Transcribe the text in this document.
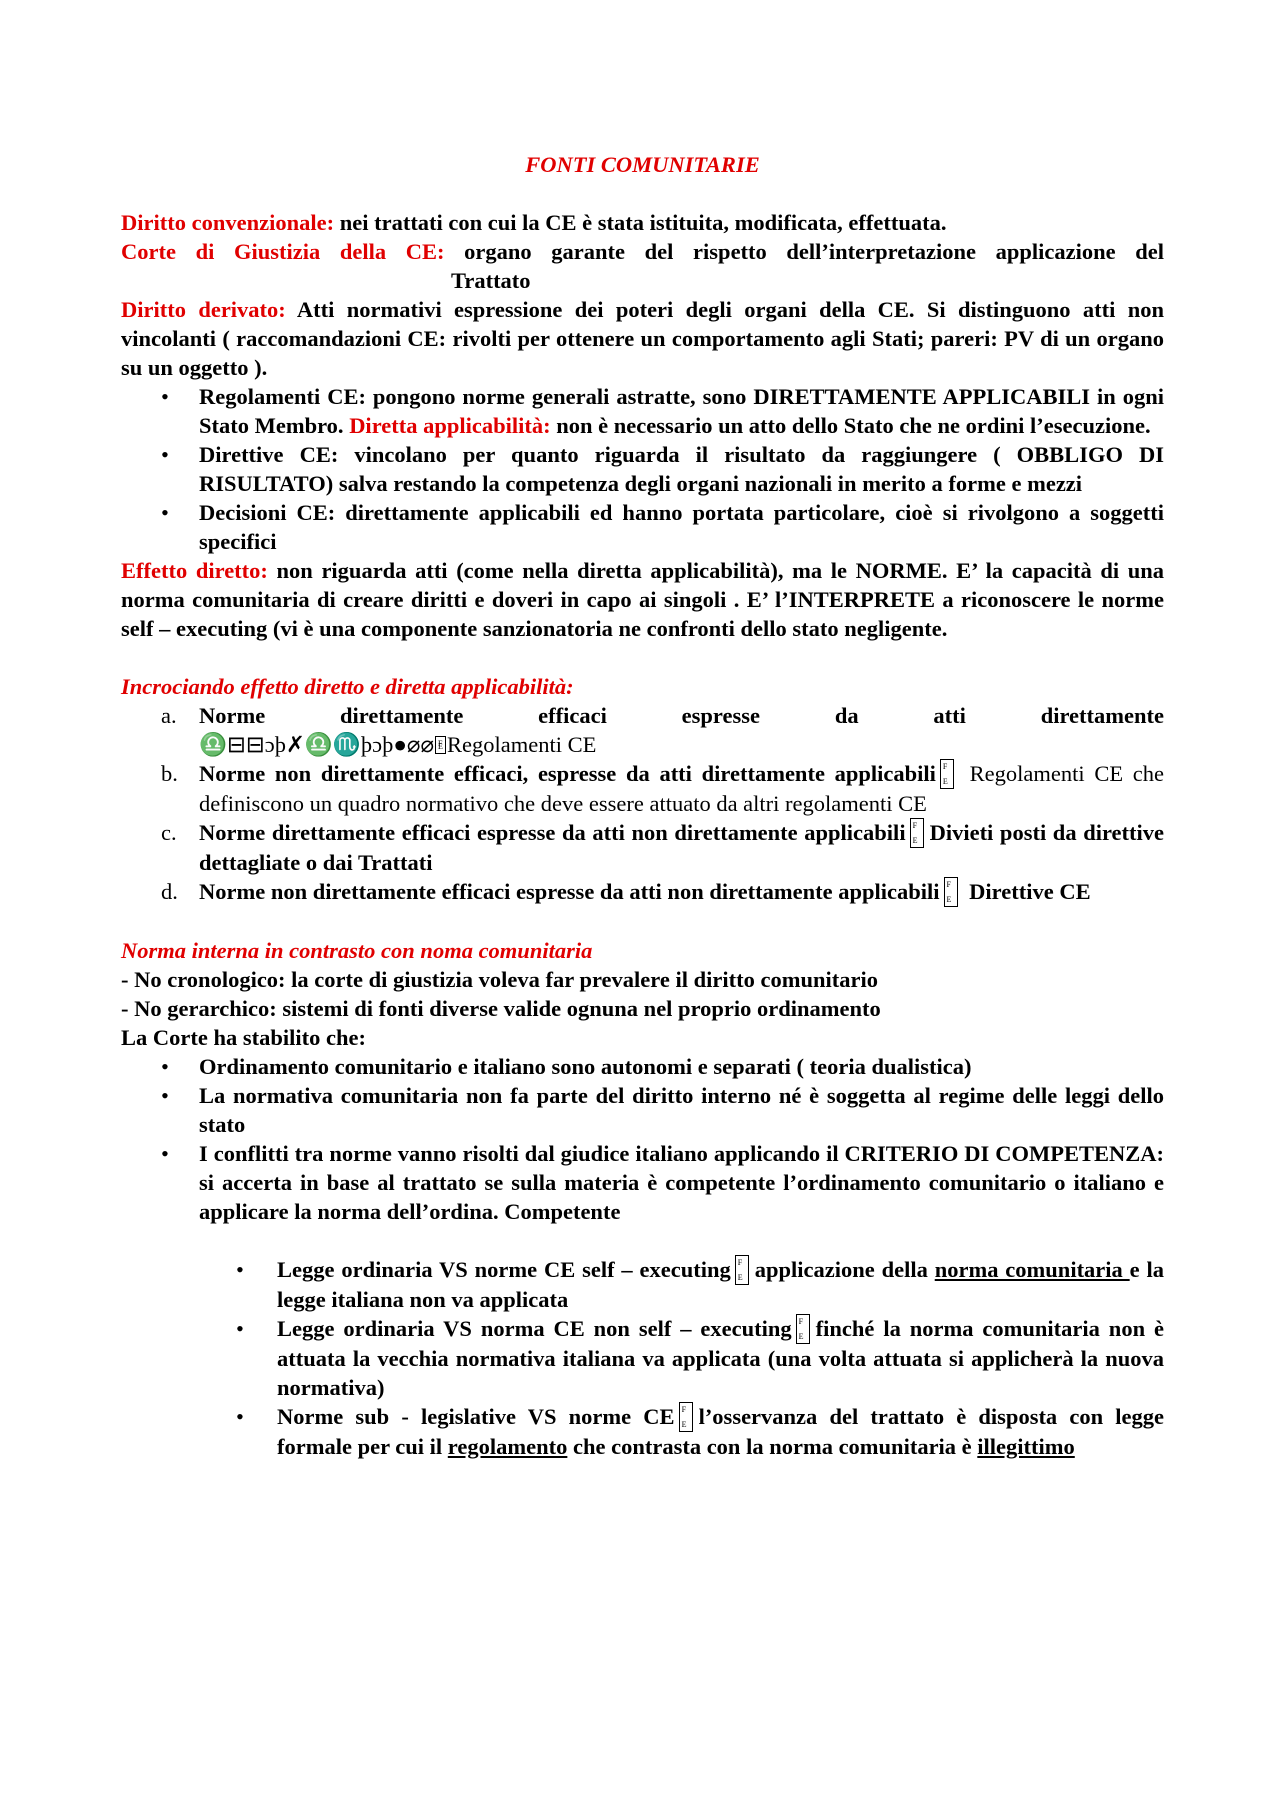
FONTI COMUNITARIE

Diritto convenzionale: nei trattati con cui la CE è stata istituita, modificata, effettuata.

Corte di Giustizia della CE: organo garante del rispetto dell’interpretazione applicazione del

Trattato

Diritto derivato: Atti normativi espressione dei poteri degli organi della CE. Si distinguono atti non vincolanti ( raccomandazioni CE: rivolti per ottenere un comportamento agli Stati; pareri: PV di un organo su un oggetto ).

• Regolamenti CE: pongono norme generali astratte, sono DIRETTAMENTE APPLICABILI in ogni Stato Membro. Diretta applicabilità: non è necessario un atto dello Stato che ne ordini l’esecuzione.
• Direttive CE: vincolano per quanto riguarda il risultato da raggiungere ( OBBLIGO DI RISULTATO) salva restando la competenza degli organi nazionali in merito a forme e mezzi
• Decisioni CE: direttamente applicabili ed hanno portata particolare, cioè si rivolgono a soggetti specifici

Effetto diretto: non riguarda atti (come nella diretta applicabilità), ma le NORME. E’ la capacità di una norma comunitaria di creare diritti e doveri in capo ai singoli . E’ l’INTERPRETE a riconoscere le norme self – executing (vi è una componente sanzionatoria ne confronti dello stato negligente.

Incrociando effetto diretto e diretta applicabilità:

a. Norme direttamente efficaci espresse da atti direttamente
♎⊟⊟ɔþ✗♎♏þɔþ●⌀⌀ F E Regolamenti CE
b. Norme non direttamente efficaci, espresse da atti direttamente applicabili F E Regolamenti CE che definiscono un quadro normativo che deve essere attuato da altri regolamenti CE
c. Norme direttamente efficaci espresse da atti non direttamente applicabili F E Divieti posti da direttive dettagliate o dai Trattati
d. Norme non direttamente efficaci espresse da atti non direttamente applicabili F E Direttive CE

Norma interna in contrasto con noma comunitaria

- No cronologico: la corte di giustizia voleva far prevalere il diritto comunitario

- No gerarchico: sistemi di fonti diverse valide ognuna nel proprio ordinamento

La Corte ha stabilito che:

• Ordinamento comunitario e italiano sono autonomi e separati ( teoria dualistica)
• La normativa comunitaria non fa parte del diritto interno né è soggetta al regime delle leggi dello stato
• I conflitti tra norme vanno risolti dal giudice italiano applicando il CRITERIO DI COMPETENZA: si accerta in base al trattato se sulla materia è competente l’ordinamento comunitario o italiano e applicare la norma dell’ordina. Competente
• Legge ordinaria VS norme CE self – executing F E applicazione della norma comunitaria e la legge italiana non va applicata
• Legge ordinaria VS norma CE non self – executing F E finché la norma comunitaria non è attuata la vecchia normativa italiana va applicata (una volta attuata si applicherà la nuova normativa)
• Norme sub - legislative VS norme CE F E l’osservanza del trattato è disposta con legge formale per cui il regolamento che contrasta con la norma comunitaria è illegittimo
